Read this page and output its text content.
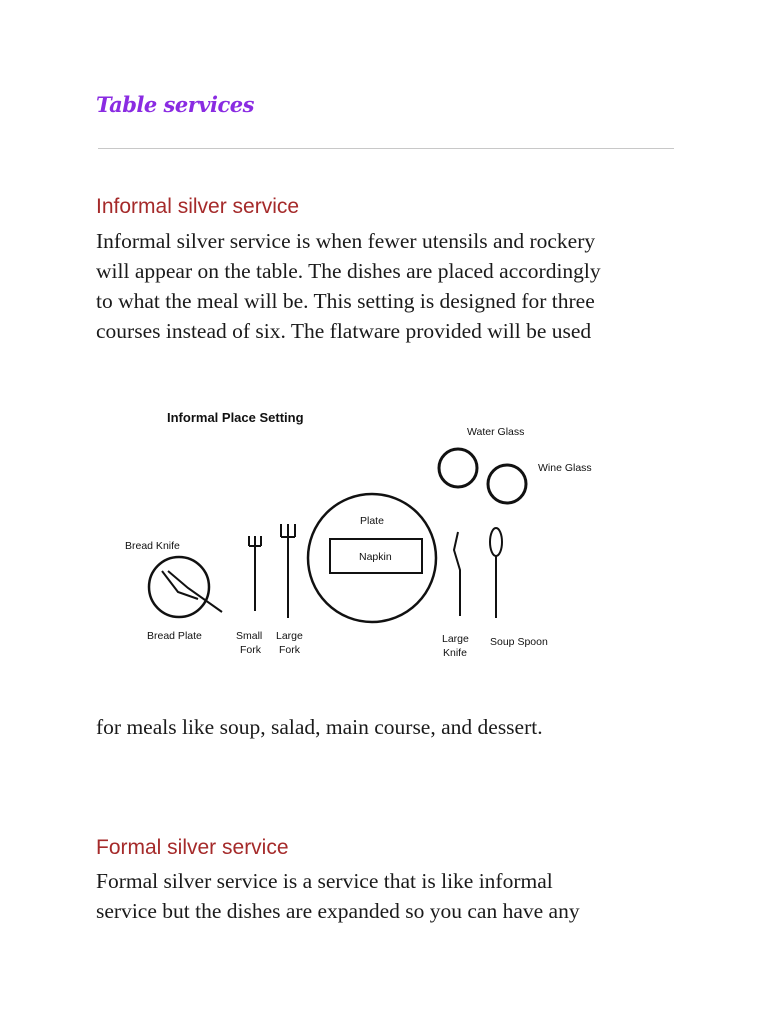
Table services
Informal silver service
Informal silver service is when fewer utensils and rockery
will appear on the table. The dishes are placed accordingly
to what the meal will be. This setting is designed for three
courses instead of six. The flatware provided will be used
Informal Place Setting
Water Glass
Wine Glass
Plate
Napkin
Bread Knife
Bread Plate	Small
Fork
Large
Fork
Large
Knife
Soup Spoon
for meals like soup, salad, main course, and dessert.
Formal silver service
Formal silver service is a service that is like informal
service but the dishes are expanded so you can have any
